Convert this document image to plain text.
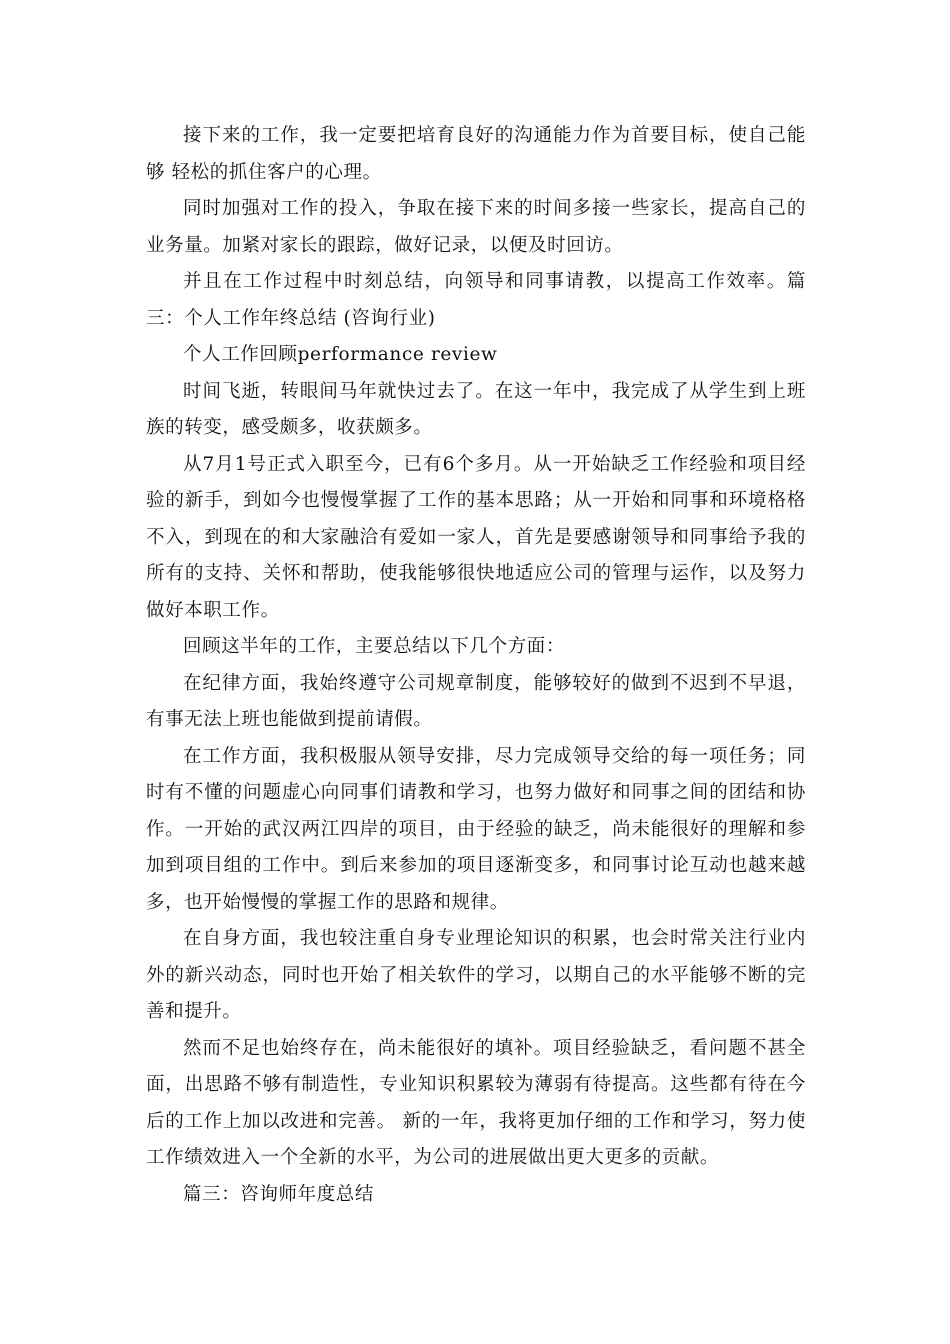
接下来的工作，我一定要把培育良好的沟通能力作为首要目标，使自己能够 轻松的抓住客户的心理。

同时加强对工作的投入，争取在接下来的时间多接一些家长，提高自己的业务量。加紧对家长的跟踪，做好记录，以便及时回访。

并且在工作过程中时刻总结，向领导和同事请教，以提高工作效率。篇三：个人工作年终总结 (咨询行业)

个人工作回顾performance review

时间飞逝，转眼间马年就快过去了。在这一年中，我完成了从学生到上班族的转变，感受颇多，收获颇多。

从7月1号正式入职至今，已有6个多月。从一开始缺乏工作经验和项目经验的新手，到如今也慢慢掌握了工作的基本思路；从一开始和同事和环境格格不入，到现在的和大家融洽有爱如一家人，首先是要感谢领导和同事给予我的所有的支持、关怀和帮助，使我能够很快地适应公司的管理与运作，以及努力做好本职工作。

回顾这半年的工作，主要总结以下几个方面：

在纪律方面，我始终遵守公司规章制度，能够较好的做到不迟到不早退，有事无法上班也能做到提前请假。

在工作方面，我积极服从领导安排，尽力完成领导交给的每一项任务；同时有不懂的问题虚心向同事们请教和学习，也努力做好和同事之间的团结和协作。一开始的武汉两江四岸的项目，由于经验的缺乏，尚未能很好的理解和参加到项目组的工作中。到后来参加的项目逐渐变多，和同事讨论互动也越来越多，也开始慢慢的掌握工作的思路和规律。

在自身方面，我也较注重自身专业理论知识的积累，也会时常关注行业内外的新兴动态，同时也开始了相关软件的学习，以期自己的水平能够不断的完善和提升。

然而不足也始终存在，尚未能很好的填补。项目经验缺乏，看问题不甚全面，出思路不够有制造性，专业知识积累较为薄弱有待提高。这些都有待在今后的工作上加以改进和完善。 新的一年，我将更加仔细的工作和学习，努力使工作绩效进入一个全新的水平，为公司的进展做出更大更多的贡献。

篇三：咨询师年度总结
